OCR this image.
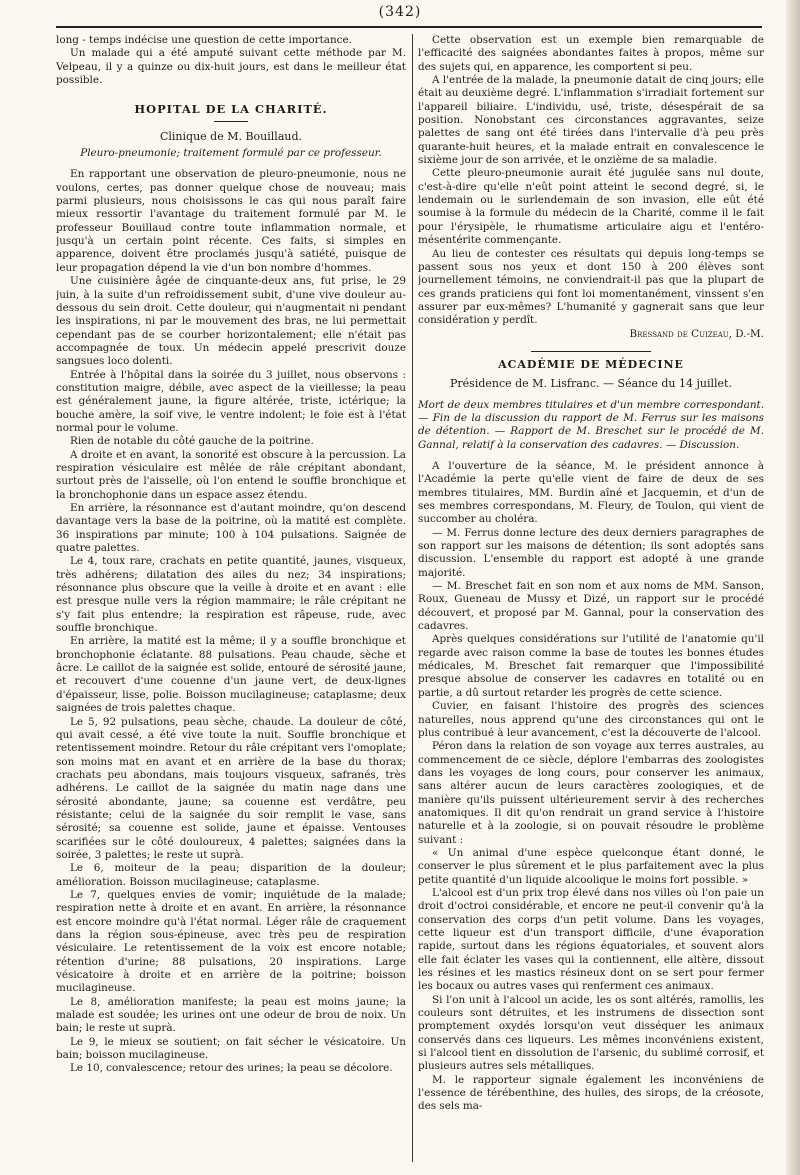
(342)

long - temps indécise une question de cette importance.

Un malade qui a été amputé suivant cette méthode par M. Velpeau, il y a quinze ou dix-huit jours, est dans le meilleur état possible.

HOPITAL DE LA CHARITÉ.
Clinique de M. Bouillaud.
Pleuro-pneumonie; traitement formulé par ce professeur.

En rapportant une observation de pleuro-pneumonie, nous ne voulons, certes, pas donner quelque chose de nouveau; mais parmi plusieurs, nous choisissons le cas qui nous paraît faire mieux ressortir l'avantage du traitement formulé par M. le professeur Bouillaud contre toute inflammation normale, et jusqu'à un certain point récente. Ces faits, si simples en apparence, doivent être proclamés jusqu'à satiété, puisque de leur propagation dépend la vie d'un bon nombre d'hommes.

Une cuisinière âgée de cinquante-deux ans, fut prise, le 29 juin, à la suite d'un refroidissement subit, d'une vive douleur au-dessous du sein droit. Cette douleur, qui n'augmentait ni pendant les inspirations, ni par le mouvement des bras, ne lui permettait cependant pas de se courber horizontalement; elle n'était pas accompagnée de toux. Un médecin appelé prescrivit douze sangsues loco dolenti.

Entrée à l'hôpital dans la soirée du 3 juillet, nous observons : constitution maigre, débile, avec aspect de la vieillesse; la peau est généralement jaune, la figure altérée, triste, ictérique; la bouche amère, la soif vive, le ventre indolent; le foie est à l'état normal pour le volume.

Rien de notable du côté gauche de la poitrine.

A droite et en avant, la sonorité est obscure à la percussion. La respiration vésiculaire est mêlée de râle crépitant abondant, surtout près de l'aisselle, où l'on entend le souffle bronchique et la bronchophonie dans un espace assez étendu.

En arrière, la résonnance est d'autant moindre, qu'on descend davantage vers la base de la poitrine, où la matité est complète. 36 inspirations par minute; 100 à 104 pulsations. Saignée de quatre palettes.

Le 4, toux rare, crachats en petite quantité, jaunes, visqueux, très adhérens; dilatation des ailes du nez; 34 inspirations; résonnance plus obscure que la veille à droite et en avant : elle est presque nulle vers la région mammaire; le râle crépitant ne s'y fait plus entendre; la respiration est râpeuse, rude, avec souffle bronchique.

En arrière, la matité est la même; il y a souffle bronchique et bronchophonie éclatante. 88 pulsations. Peau chaude, sèche et âcre. Le caillot de la saignée est solide, entouré de sérosité jaune, et recouvert d'une couenne d'un jaune vert, de deux-lignes d'épaisseur, lisse, polie. Boisson mucilagineuse; cataplasme; deux saignées de trois palettes chaque.

Le 5, 92 pulsations, peau sèche, chaude. La douleur de côté, qui avait cessé, a été vive toute la nuit. Souffle bronchique et retentissement moindre. Retour du râle crépitant vers l'omoplate; son moins mat en avant et en arrière de la base du thorax; crachats peu abondans, mais toujours visqueux, safranés, très adhérens. Le caillot de la saignée du matin nage dans une sérosité abondante, jaune; sa couenne est verdâtre, peu résistante; celui de la saignée du soir remplit le vase, sans sérosité; sa couenne est solide, jaune et épaisse. Ventouses scarifiées sur le côté douloureux, 4 palettes; saignées dans la soirée, 3 palettes; le reste ut suprà.

Le 6, moiteur de la peau; disparition de la douleur; amélioration. Boisson mucilagineuse; cataplasme.

Le 7, quelques envies de vomir; inquiétude de la malade; respiration nette à droite et en avant. En arrière, la résonnance est encore moindre qu'à l'état normal. Léger râle de craquement dans la région sous-épineuse, avec très peu de respiration vésiculaire. Le retentissement de la voix est encore notable; rétention d'urine; 88 pulsations, 20 inspirations. Large vésicatoire à droite et en arrière de la poitrine; boisson mucilagineuse.

Le 8, amélioration manifeste; la peau est moins jaune; la malade est soudée; les urines ont une odeur de brou de noix. Un bain; le reste ut suprà.

Le 9, le mieux se soutient; on fait sécher le vésicatoire. Un bain; boisson mucilagineuse.

Le 10, convalescence; retour des urines; la peau se décolore.

Cette observation est un exemple bien remarquable de l'efficacité des saignées abondantes faites à propos, même sur des sujets qui, en apparence, les comportent si peu.

A l'entrée de la malade, la pneumonie datait de cinq jours; elle était au deuxième degré. L'inflammation s'irradiait fortement sur l'appareil biliaire. L'individu, usé, triste, désespérait de sa position. Nonobstant ces circonstances aggravantes, seize palettes de sang ont été tirées dans l'intervalle d'à peu près quarante-huit heures, et la malade entrait en convalescence le sixième jour de son arrivée, et le onzième de sa maladie.

Cette pleuro-pneumonie aurait été jugulée sans nul doute, c'est-à-dire qu'elle n'eût point atteint le second degré, si, le lendemain ou le surlendemain de son invasion, elle eût été soumise à la formule du médecin de la Charité, comme il le fait pour l'érysipèle, le rhumatisme articulaire aigu et l'entéro-mésentérite commençante.

Au lieu de contester ces résultats qui depuis long-temps se passent sous nos yeux et dont 150 à 200 élèves sont journellement témoins, ne conviendrait-il pas que la plupart de ces grands praticiens qui font loi momentanément, vinssent s'en assurer par eux-mêmes? L'humanité y gagnerait sans que leur considération y perdît.

Bressand de Cuizeau, D.-M.
ACADÉMIE DE MÉDECINE
Présidence de M. Lisfranc. — Séance du 14 juillet.
Mort de deux membres titulaires et d'un membre correspondant. — Fin de la discussion du rapport de M. Ferrus sur les maisons de détention. — Rapport de M. Breschet sur le procédé de M. Gannal, relatif à la conservation des cadavres. — Discussion.

A l'ouverture de la séance, M. le président annonce à l'Académie la perte qu'elle vient de faire de deux de ses membres titulaires, MM. Burdin aîné et Jacquemin, et d'un de ses membres correspondans, M. Fleury, de Toulon, qui vient de succomber au choléra.

— M. Ferrus donne lecture des deux derniers paragraphes de son rapport sur les maisons de détention; ils sont adoptés sans discussion. L'ensemble du rapport est adopté à une grande majorité.

— M. Breschet fait en son nom et aux noms de MM. Sanson, Roux, Gueneau de Mussy et Dizé, un rapport sur le procédé découvert, et proposé par M. Gannal, pour la conservation des cadavres.

Après quelques considérations sur l'utilité de l'anatomie qu'il regarde avec raison comme la base de toutes les bonnes études médicales, M. Breschet fait remarquer que l'impossibilité presque absolue de conserver les cadavres en totalité ou en partie, a dû surtout retarder les progrès de cette science.

Cuvier, en faisant l'histoire des progrès des sciences naturelles, nous apprend qu'une des circonstances qui ont le plus contribué à leur avancement, c'est la découverte de l'alcool.

Péron dans la relation de son voyage aux terres australes, au commencement de ce siècle, déplore l'embarras des zoologistes dans les voyages de long cours, pour conserver les animaux, sans altérer aucun de leurs caractères zoologiques, et de manière qu'ils puissent ultérieurement servir à des recherches anatomiques. Il dit qu'on rendrait un grand service à l'histoire naturelle et à la zoologie, si on pouvait résoudre le problème suivant :

« Un animal d'une espèce quelconque étant donné, le conserver le plus sûrement et le plus parfaitement avec la plus petite quantité d'un liquide alcoolique le moins fort possible. »

L'alcool est d'un prix trop élevé dans nos villes où l'on paie un droit d'octroi considérable, et encore ne peut-il convenir qu'à la conservation des corps d'un petit volume. Dans les voyages, cette liqueur est d'un transport difficile, d'une évaporation rapide, surtout dans les régions équatoriales, et souvent alors elle fait éclater les vases qui la contiennent, elle altère, dissout les résines et les mastics résineux dont on se sert pour fermer les bocaux ou autres vases qui renferment ces animaux.

Si l'on unit à l'alcool un acide, les os sont altérés, ramollis, les couleurs sont détruites, et les instrumens de dissection sont promptement oxydés lorsqu'on veut disséquer les animaux conservés dans ces liqueurs. Les mêmes inconvéniens existent, si l'alcool tient en dissolution de l'arsenic, du sublimé corrosif, et plusieurs autres sels métalliques.

M. le rapporteur signale également les inconvéniens de l'essence de térébenthine, des huiles, des sirops, de la créosote, des sels ma-
